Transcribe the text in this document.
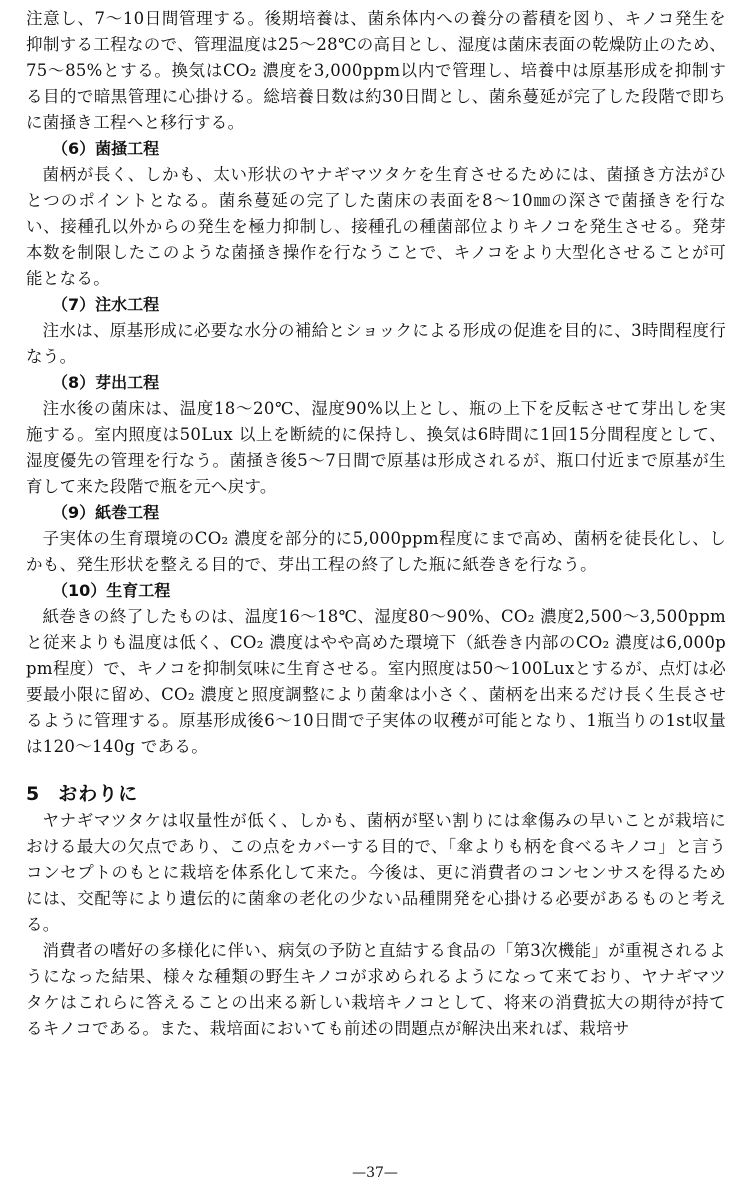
注意し、7～10日間管理する。後期培養は、菌糸体内への養分の蓄積を図り、キノコ発生を抑制する工程なので、管理温度は25～28℃の高目とし、湿度は菌床表面の乾燥防止のため、75～85%とする。換気はCO₂ 濃度を3,000ppm以内で管理し、培養中は原基形成を抑制する目的で暗黒管理に心掛ける。総培養日数は約30日間とし、菌糸蔓延が完了した段階で即ちに菌掻き工程へと移行する。

（6）菌掻工程

菌柄が長く、しかも、太い形状のヤナギマツタケを生育させるためには、菌掻き方法がひとつのポイントとなる。菌糸蔓延の完了した菌床の表面を8～10㎜の深さで菌掻きを行ない、接種孔以外からの発生を極力抑制し、接種孔の種菌部位よりキノコを発生させる。発芽本数を制限したこのような菌掻き操作を行なうことで、キノコをより大型化させることが可能となる。

（7）注水工程

注水は、原基形成に必要な水分の補給とショックによる形成の促進を目的に、3時間程度行なう。

（8）芽出工程

注水後の菌床は、温度18～20℃、湿度90%以上とし、瓶の上下を反転させて芽出しを実施する。室内照度は50Lux 以上を断続的に保持し、換気は6時間に1回15分間程度として、湿度優先の管理を行なう。菌掻き後5～7日間で原基は形成されるが、瓶口付近まで原基が生育して来た段階で瓶を元へ戻す。

（9）紙巻工程

子実体の生育環境のCO₂ 濃度を部分的に5,000ppm程度にまで高め、菌柄を徒長化し、しかも、発生形状を整える目的で、芽出工程の終了した瓶に紙巻きを行なう。

（10）生育工程

紙巻きの終了したものは、温度16～18℃、湿度80～90%、CO₂ 濃度2,500～3,500ppm と従来よりも温度は低く、CO₂ 濃度はやや高めた環境下（紙巻き内部のCO₂ 濃度は6,000ppm程度）で、キノコを抑制気味に生育させる。室内照度は50～100Luxとするが、点灯は必要最小限に留め、CO₂ 濃度と照度調整により菌傘は小さく、菌柄を出来るだけ長く生長させるように管理する。原基形成後6～10日間で子実体の収穫が可能となり、1瓶当りの1st収量は120～140g である。

5 おわりに

ヤナギマツタケは収量性が低く、しかも、菌柄が堅い割りには傘傷みの早いことが栽培における最大の欠点であり、この点をカバーする目的で、「傘よりも柄を食べるキノコ」と言うコンセプトのもとに栽培を体系化して来た。今後は、更に消費者のコンセンサスを得るためには、交配等により遺伝的に菌傘の老化の少ない品種開発を心掛ける必要があるものと考える。

消費者の嗜好の多様化に伴い、病気の予防と直結する食品の「第3次機能」が重視されるようになった結果、様々な種類の野生キノコが求められるようになって来ており、ヤナギマツタケはこれらに答えることの出来る新しい栽培キノコとして、将来の消費拡大の期待が持てるキノコである。また、栽培面においても前述の問題点が解決出来れば、栽培サ

—37—
